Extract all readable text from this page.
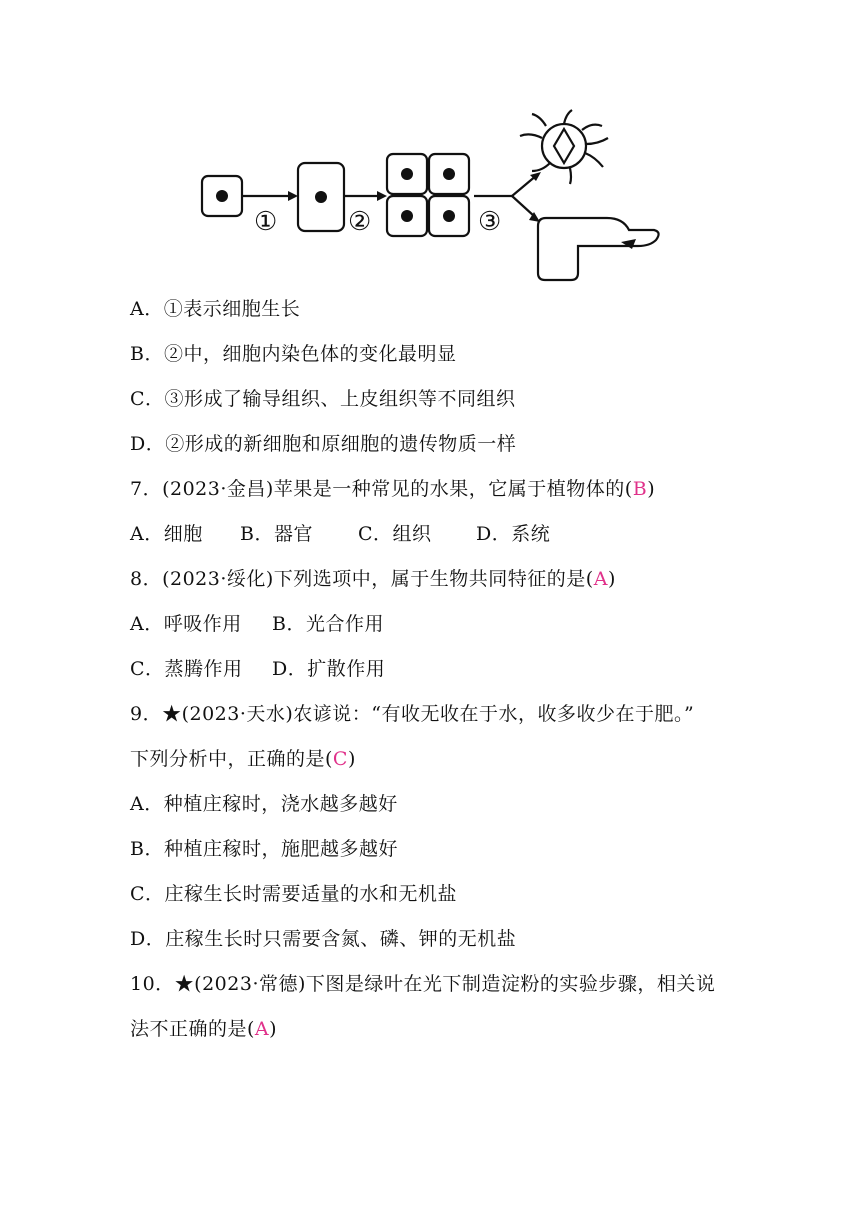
①	②	③
A．①表示细胞生长
B．②中，细胞内染色体的变化最明显
C．③形成了输导组织、上皮组织等不同组织
D．②形成的新细胞和原细胞的遗传物质一样
7．(2023·金昌)苹果是一种常见的水果，它属于植物体的(B)
A．细胞 B．器官 C．组织 D．系统
8．(2023·绥化)下列选项中，属于生物共同特征的是(A)
A．呼吸作用 B．光合作用
C．蒸腾作用 D．扩散作用
9．★(2023·天水)农谚说：“有收无收在于水，收多收少在于肥。”
下列分析中，正确的是(C)
A．种植庄稼时，浇水越多越好
B．种植庄稼时，施肥越多越好
C．庄稼生长时需要适量的水和无机盐
D．庄稼生长时只需要含氮、磷、钾的无机盐
10．★(2023·常德)下图是绿叶在光下制造淀粉的实验步骤，相关说
法不正确的是(A)
